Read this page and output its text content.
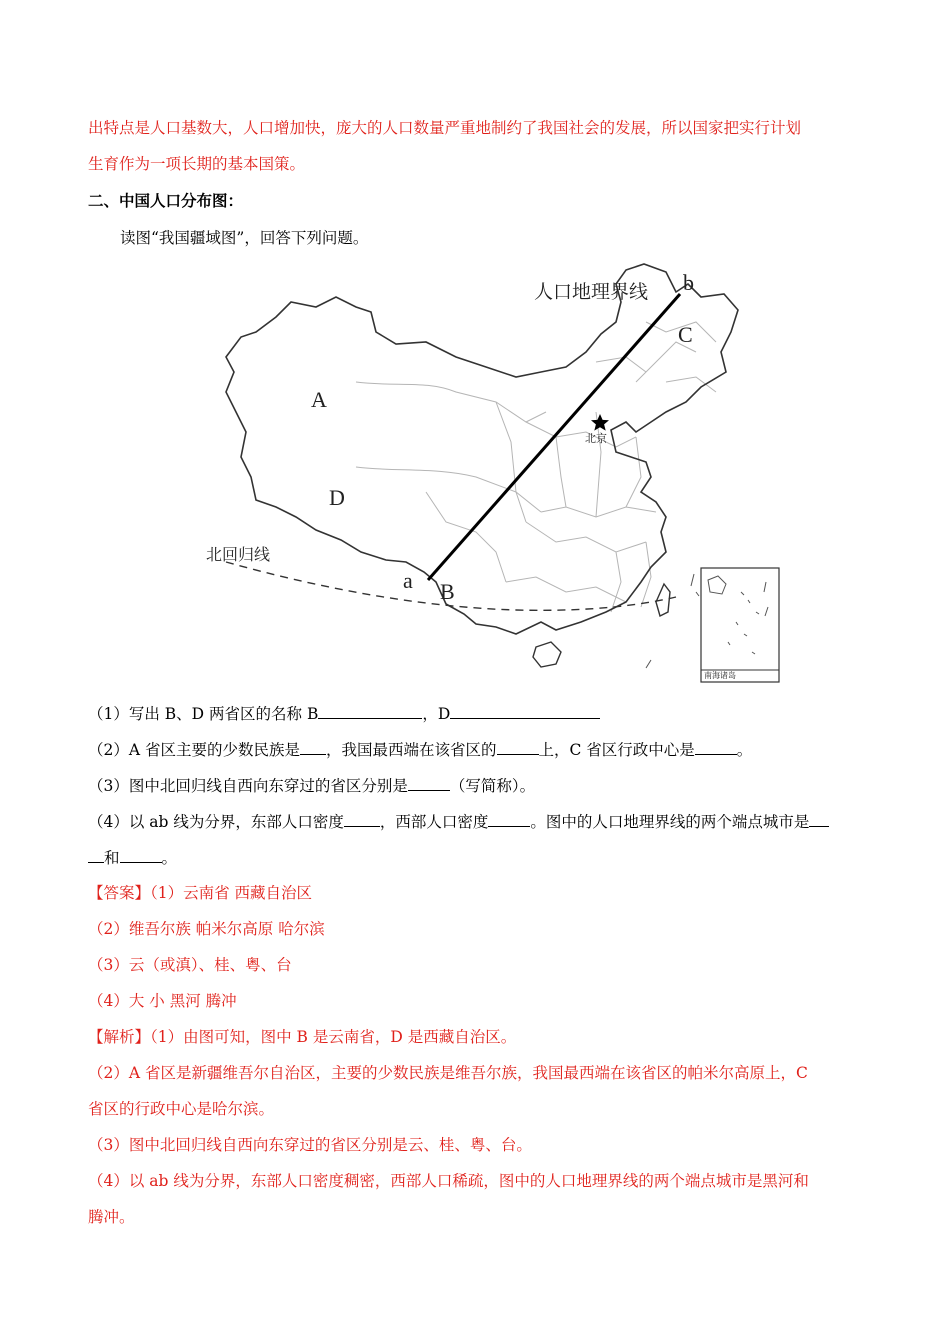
出特点是人口基数大，人口增加快，庞大的人口数量严重地制约了我国社会的发展，所以国家把实行计划
生育作为一项长期的基本国策。
二、中国人口分布图：
读图“我国疆域图”，回答下列问题。
人口地理界线
北回归线
北京
南海诸岛
A
D
C
B
a
b
（1）写出 B、D 两省区的名称 B	，D
（2）A 省区主要的少数民族是 ，我国最西端在该省区的	上，C 省区行政中心是	。
（3）图中北回归线自西向东穿过的省区分别是	（写简称）。
（4）以 ab 线为分界，东部人口密度 ，西部人口密度	。图中的人口地理界线的两个端点城市是
和	。
【答案】（1）云南省 西藏自治区
（2）维吾尔族 帕米尔高原 哈尔滨
（3）云（或滇）、桂、粤、台
（4）大 小 黑河 腾冲
【解析】（1）由图可知，图中 B 是云南省，D 是西藏自治区。
（2）A 省区是新疆维吾尔自治区，主要的少数民族是维吾尔族，我国最西端在该省区的帕米尔高原上，C
省区的行政中心是哈尔滨。
（3）图中北回归线自西向东穿过的省区分别是云、桂、粤、台。
（4）以 ab 线为分界，东部人口密度稠密，西部人口稀疏，图中的人口地理界线的两个端点城市是黑河和
腾冲。
